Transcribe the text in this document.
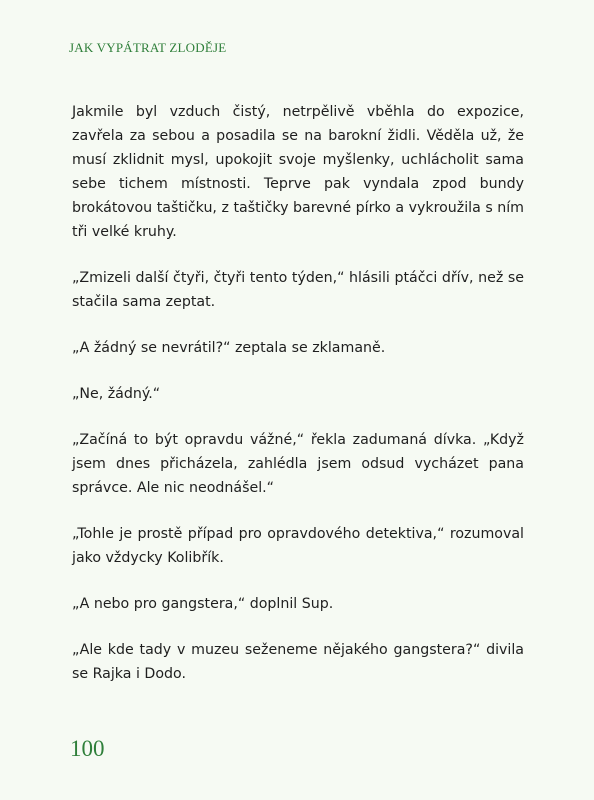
JAK VYPÁTRAT ZLODĚJE

Jakmile byl vzduch čistý, netrpělivě vběhla do expozice, zavřela za sebou a posadila se na barokní židli. Věděla už, že musí zklidnit mysl, upokojit svoje myšlenky, uchlácholit sama sebe tichem místnosti. Teprve pak vyndala zpod bundy brokátovou taštičku, z taštičky barevné pírko a vykroužila s ním tři velké kruhy.

„Zmizeli další čtyři, čtyři tento týden,“ hlásili ptáčci dřív, než se stačila sama zeptat.

„A žádný se nevrátil?“ zeptala se zklamaně.

„Ne, žádný.“

„Začíná to být opravdu vážné,“ řekla zadumaná dívka. „Když jsem dnes přicházela, zahlédla jsem odsud vycházet pana správce. Ale nic neodnášel.“

„Tohle je prostě případ pro opravdového detektiva,“ rozumoval jako vždycky Kolibřík.

„A nebo pro gangstera,“ doplnil Sup.

„Ale kde tady v muzeu seženeme nějakého gangstera?“ divila se Rajka i Dodo.

100
